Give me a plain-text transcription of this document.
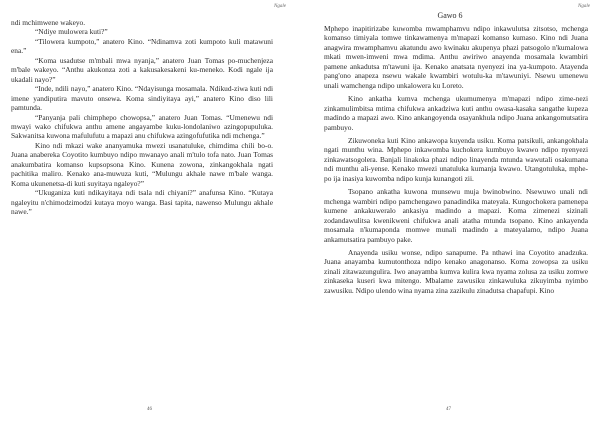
Ngale

ndi mchimwene wakeyo.

“Ndiye mulowera kuti?”

“Tilowera kumpoto,” anatero Kino. “Ndinamva zoti kumpoto kuli matawuni ena.”

“Koma usadutse m'mbali mwa nyanja,” anatero Juan Tomas po-muchenjeza m'bale wakeyo. “Anthu akukonza zoti a kakusakesakeni ku-meneko. Kodi ngale ija ukadali nayo?”

“Inde, ndili nayo,” anatero Kino. “Ndayisunga mosamala. Ndikud-ziwa kuti ndi imene yandiputira mavuto onsewa. Koma sindiyitaya ayi,” anatero Kino diso lili pamtunda.

“Panyanja pali chimphepo chowopsa,” anatero Juan Tomas. “Umenewu ndi mwayi wako chifukwa anthu amene angayambe kuku-londolaniwo azingopupuluka. Sakwanitsa kuwona mafulufutu a mapazi anu chifukwa azingofufutika ndi mchenga.”

Kino ndi mkazi wake ananyamuka mwezi usanatuluke, chimdima chili bo-o. Juana anabereka Coyotito kumbuyo ndipo mwanayo anali m'tulo tofa nato. Juan Tomas anakumbatira komanso kupsopsona Kino. Kunena zowona, zinkangokhala ngati pachitika maliro. Kenako ana-muwuza kuti, “Mulungu akhale nawe m'bale wanga. Koma ukunenetsa-di kuti suyitaya ngaleyo?”

“Ukuganiza kuti ndikayitaya ndi tsala ndi chiyani?” anafunsa Kino. “Kutaya ngaleyitu n'chimodzimodzi kutaya moyo wanga. Basi tapita, nawenso Mulungu akhale nawe.”

46
Ngale
Gawo 6

Mphepo inapitirizabe kuwomba mwamphamvu ndipo inkawulutsa zitsotso, mchenga komanso timiyala tomwe tinkawamenya m'mapazi komanso kumaso. Kino ndi Juana anagwira mwamphamvu akatundu awo kwinaku akupenya phazi patsogolo n'kumalowa mkati mwen-imweni mwa mdima. Anthu awiriwo anayenda mosamala kwambiri pamene ankadutsa m'tawuni ija. Kenako anatsata nyenyezi ina ya-kumpoto. Atayenda pang'ono anapeza nsewu wakale kwambiri wotulu-ka m'tawuniyi. Nsewu umenewu unali wamchenga ndipo unkalowera ku Loreto.

Kino ankatha kumva mchenga ukumumenya m'mapazi ndipo zime-nezi zinkamulimbitsa mtima chifukwa ankadziwa kuti anthu owasa-kasaka sangathe kupeza madindo a mapazi awo. Kino ankangoyenda osayankhula ndipo Juana ankangomutsatira pambuyo.

Zikuwoneka kuti Kino ankawopa kuyenda usiku. Koma patsikuli, ankangokhala ngati munthu wina. Mphepo inkawomba kuchokera kumbuyo kwawo ndipo nyenyezi zinkawatsogolera. Banjali linakoka phazi ndipo linayenda mtunda wawutali osakumana ndi munthu ali-yense. Kenako mwezi unatuluka kumanja kwawo. Utangotuluka, mphe-po ija inasiya kuwomba ndipo kunja kunangoti zii.

Tsopano ankatha kuwona munsewu muja bwinobwino. Nsewuwo unali ndi mchenga wambiri ndipo pamchengawo panadindika mateyala. Kungochokera pamenepa kumene ankakuweralo ankasiya madindo a mapazi. Koma zimenezi sizinali zodandawulitsa kwenikweni chifukwa anali atatha mtunda tsopano. Kino ankayenda mosamala n'kumaponda momwe munali madindo a mateyalamo, ndipo Juana ankamutsatira pambuyo pake.

Anayenda usiku wonse, ndipo sanapume. Pa nthawi ina Coyotito anadzuka. Juana anayamba kumutonthoza ndipo kenako anagonanso. Koma zowopsa za usiku zinali zitawazungulira. Iwo anayamba kumva kulira kwa nyama zolusa za usiku zomwe zinkaseka kuseri kwa mitengo. Mbalame zawusiku zinkawuluka zikuyimba nyimbo zawusiku. Ndipo ulendo wina nyama zina zazikulu zinadutsa chapafupi. Kino

47
